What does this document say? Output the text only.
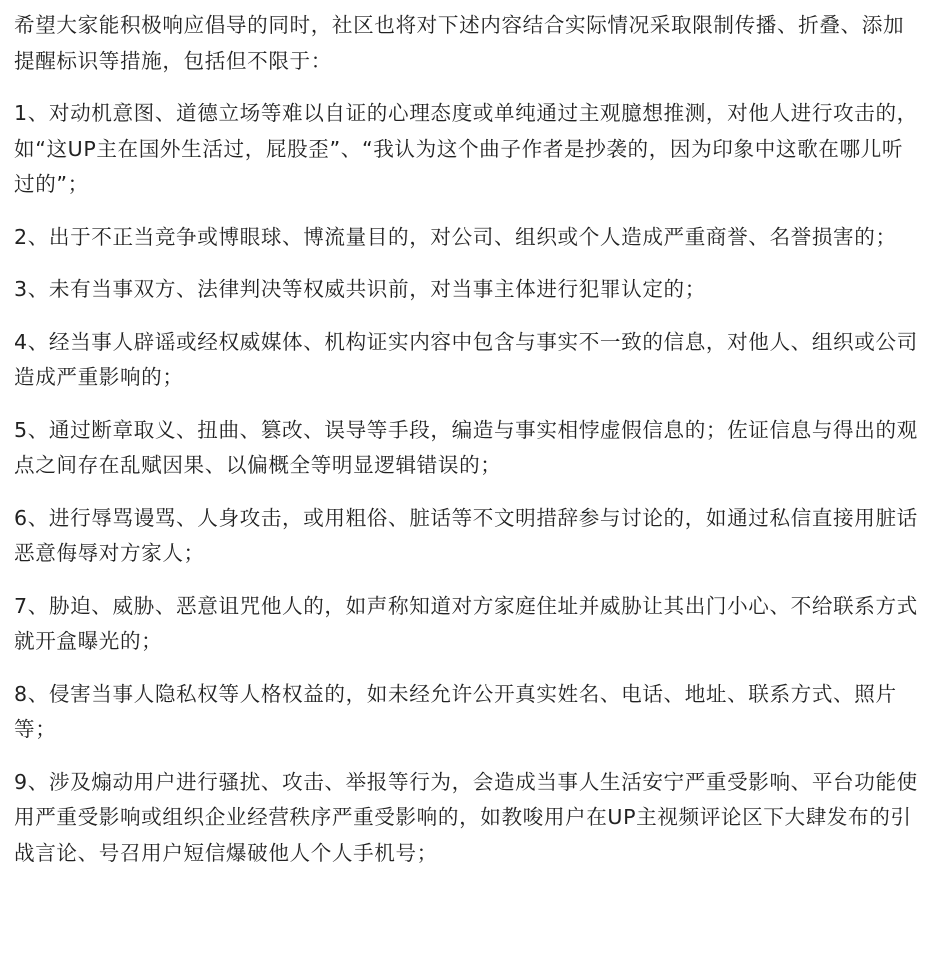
希望大家能积极响应倡导的同时，社区也将对下述内容结合实际情况采取限制传播、折叠、添加提醒标识等措施，包括但不限于：

1、对动机意图、道德立场等难以自证的心理态度或单纯通过主观臆想推测，对他人进行攻击的，如“这UP主在国外生活过，屁股歪”、“我认为这个曲子作者是抄袭的，因为印象中这歌在哪儿听过的”；

2、出于不正当竞争或博眼球、博流量目的，对公司、组织或个人造成严重商誉、名誉损害的；

3、未有当事双方、法律判决等权威共识前，对当事主体进行犯罪认定的；

4、经当事人辟谣或经权威媒体、机构证实内容中包含与事实不一致的信息，对他人、组织或公司造成严重影响的；

5、通过断章取义、扭曲、篡改、误导等手段，编造与事实相悖虚假信息的；佐证信息与得出的观点之间存在乱赋因果、以偏概全等明显逻辑错误的；

6、进行辱骂谩骂、人身攻击，或用粗俗、脏话等不文明措辞参与讨论的，如通过私信直接用脏话恶意侮辱对方家人；

7、胁迫、威胁、恶意诅咒他人的，如声称知道对方家庭住址并威胁让其出门小心、不给联系方式就开盒曝光的；

8、侵害当事人隐私权等人格权益的，如未经允许公开真实姓名、电话、地址、联系方式、照片等；

9、涉及煽动用户进行骚扰、攻击、举报等行为，会造成当事人生活安宁严重受影响、平台功能使用严重受影响或组织企业经营秩序严重受影响的，如教唆用户在UP主视频评论区下大肆发布的引战言论、号召用户短信爆破他人个人手机号；
